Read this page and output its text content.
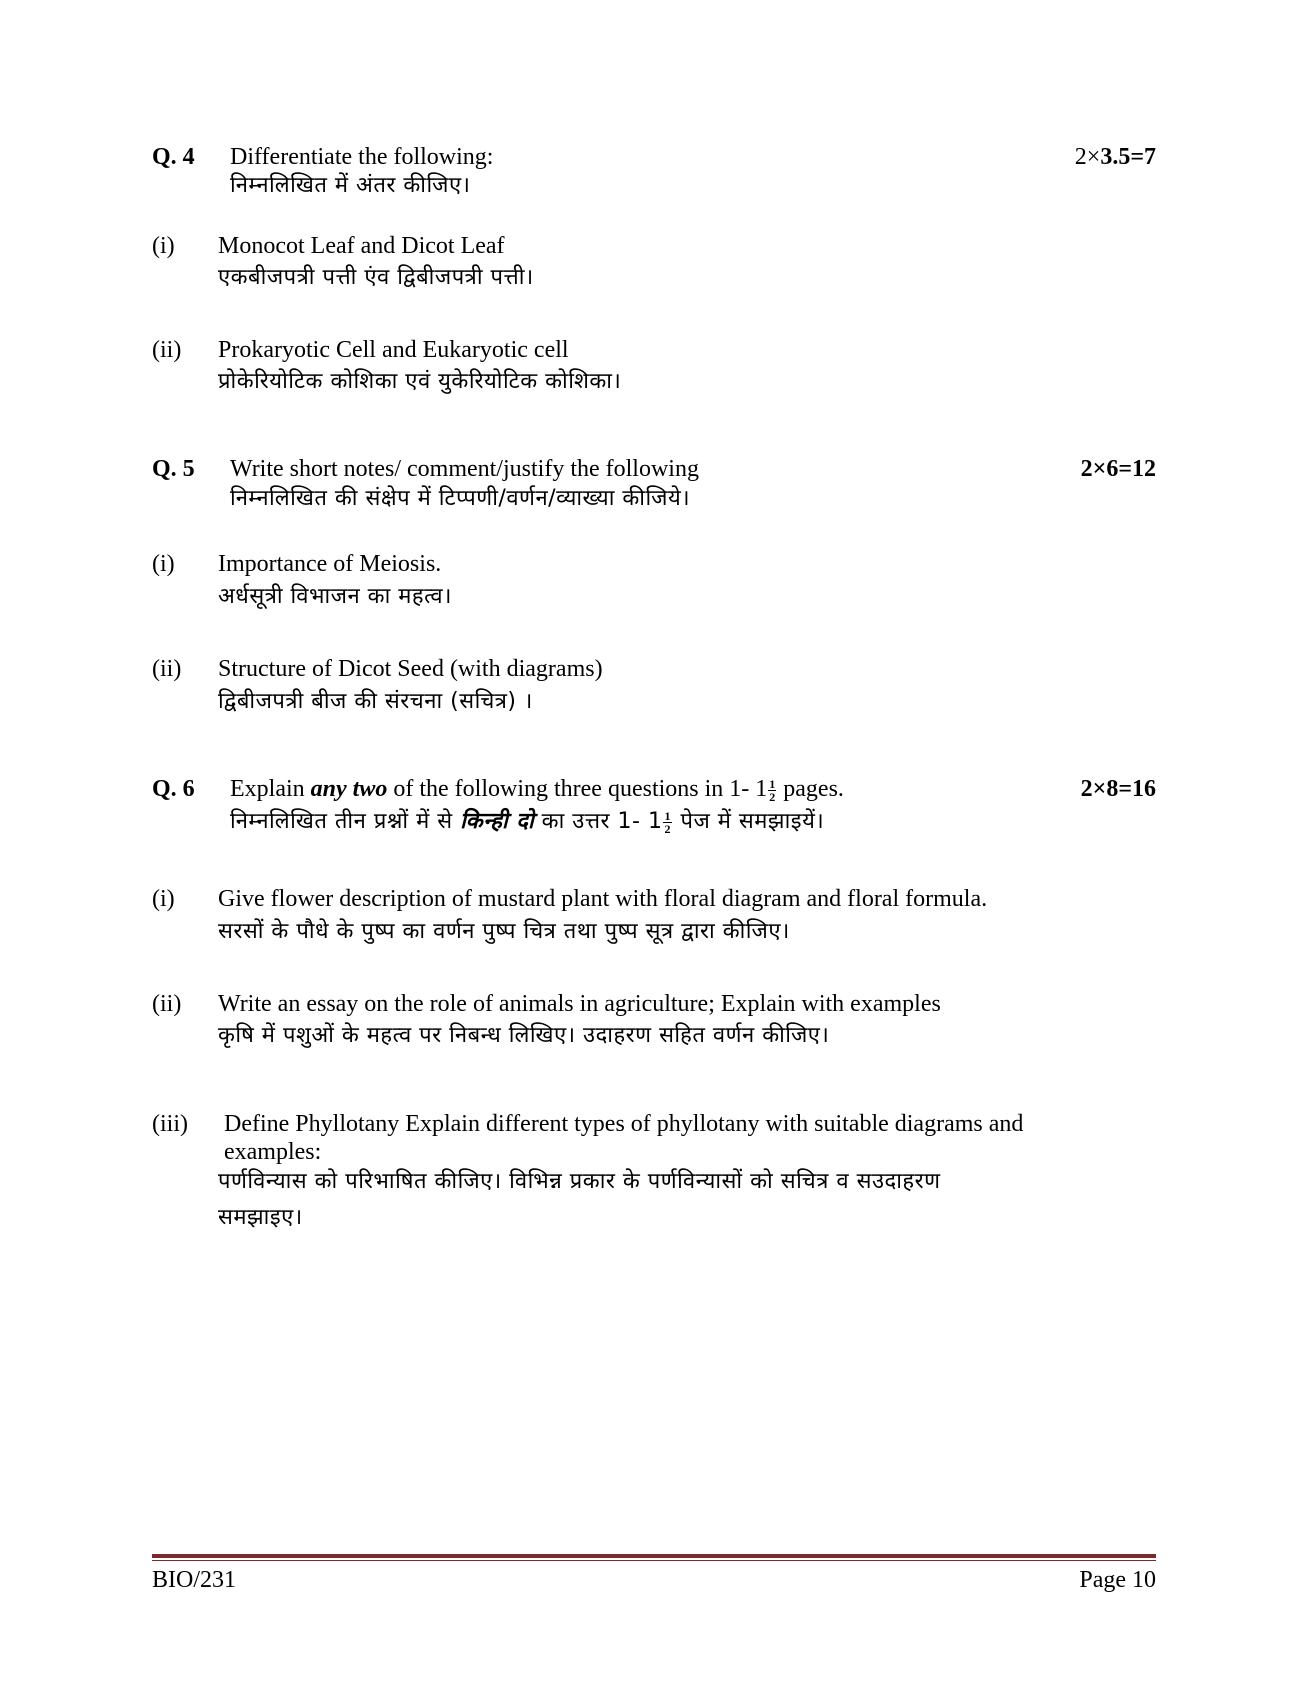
Q. 4 Differentiate the following:	2×3.5=7
निम्नलिखित में अंतर कीजिए।
(i) Monocot Leaf and Dicot Leaf
एकबीजपत्री पत्ती एंव द्विबीजपत्री पत्ती।
(ii) Prokaryotic Cell and Eukaryotic cell
प्रोकेरियोटिक कोशिका एवं युकेरियोटिक कोशिका।
Q. 5 Write short notes/ comment/justify the following	2×6=12
निम्नलिखित की संक्षेप में टिप्पणी/वर्णन/व्याख्या कीजिये।
(i) Importance of Meiosis.
अर्धसूत्री विभाजन का महत्व।
(ii) Structure of Dicot Seed (with diagrams)
द्विबीजपत्री बीज की संरचना (सचित्र) ।
Q. 6 Explain any two of the following three questions in 1- $1 \frac{1}{2}$ pages.	2×8=16
निम्नलिखित तीन प्रश्नों में से किन्ही दो का उत्तर 1- $1 \frac{1}{2}$ पेज में समझाइयें।
(i) Give flower description of mustard plant with floral diagram and floral formula.
सरसों के पौधे के पुष्प का वर्णन पुष्प चित्र तथा पुष्प सूत्र द्वारा कीजिए।
(ii) Write an essay on the role of animals in agriculture; Explain with examples
कृषि में पशुओं के महत्व पर निबन्ध लिखिए। उदाहरण सहित वर्णन कीजिए।
(iii) Define Phyllotany Explain different types of phyllotany with suitable diagrams and
examples:
पर्णविन्यास को परिभाषित कीजिए। विभिन्न प्रकार के पर्णविन्यासों को सचित्र व सउदाहरण
समझाइए।
BIO/231	Page 10
